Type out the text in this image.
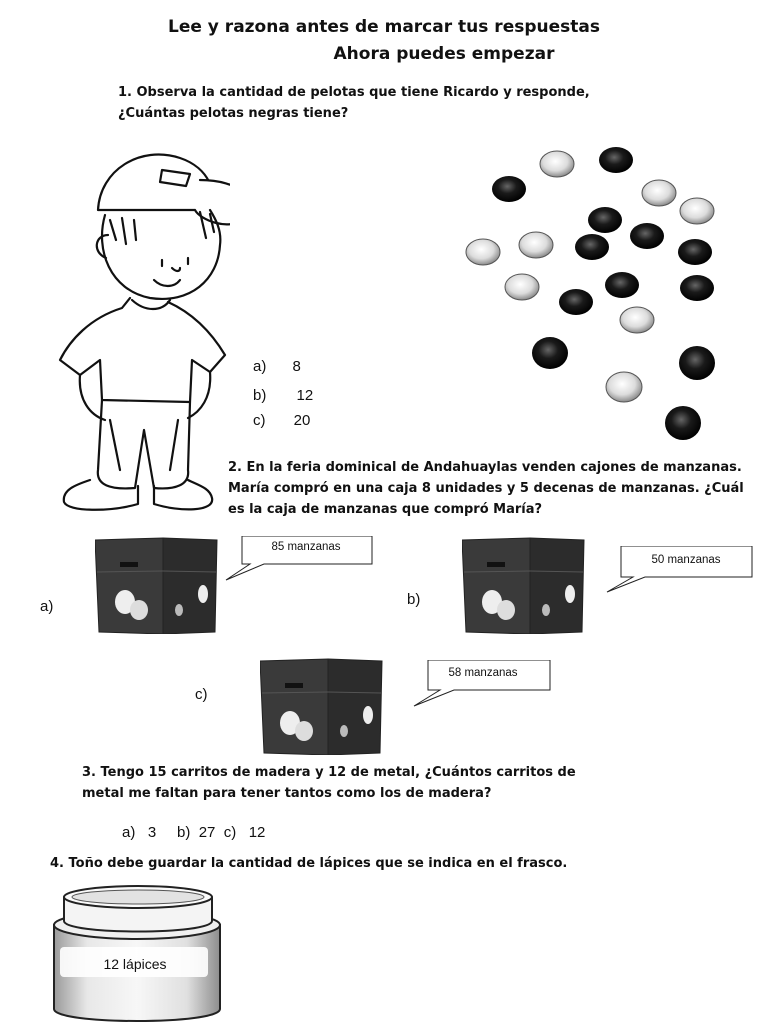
Lee y razona antes de marcar tus respuestas
Ahora puedes empezar
1. Observa la cantidad de pelotas que tiene Ricardo y responde,
¿Cuántas pelotas negras tiene?
a) 8
b) 12
c) 20
2. En la feria dominical de Andahuaylas venden cajones de manzanas.
María compró en una caja 8 unidades y 5 decenas de manzanas. ¿Cuál
es la caja de manzanas que compró María?
a)
85 manzanas
b)
50 manzanas
c)
58 manzanas
3. Tengo 15 carritos de madera y 12 de metal, ¿Cuántos carritos de
metal me faltan para tener tantos como los de madera?
a)   3     b)  27  c)   12
4. Toño debe guardar la cantidad de lápices que se indica en el frasco.
12 lápices
